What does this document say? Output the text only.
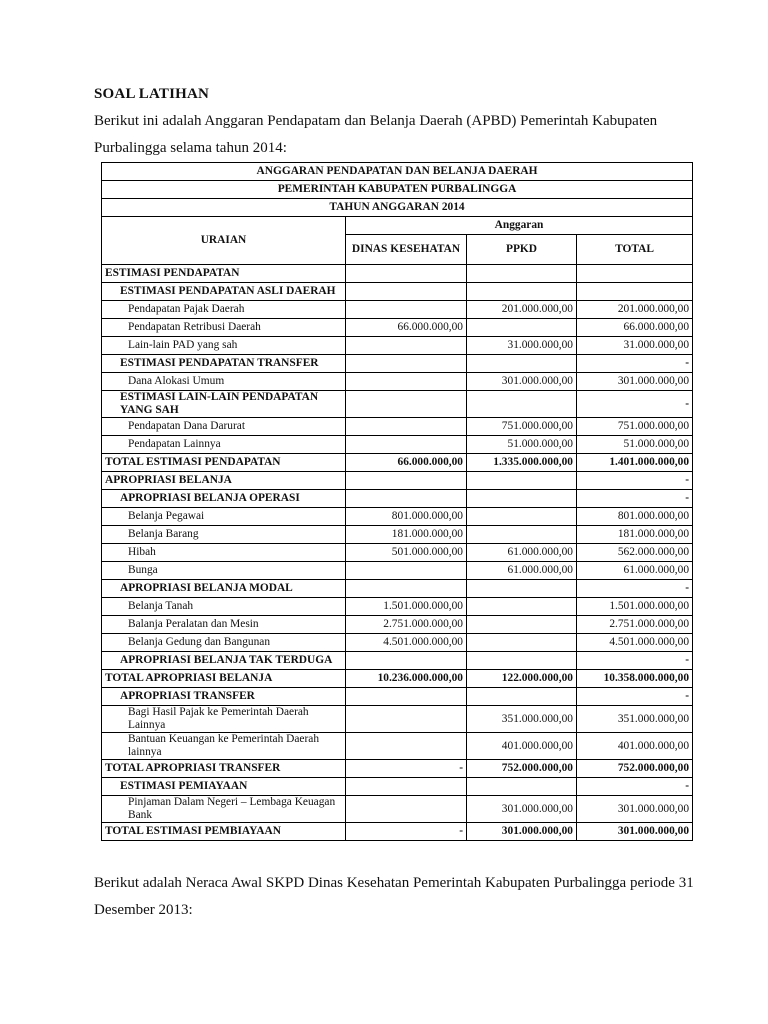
SOAL LATIHAN
Berikut ini adalah Anggaran Pendapatam dan Belanja Daerah (APBD) Pemerintah Kabupaten Purbalingga selama tahun 2014:
ANGGARAN PENDAPATAN DAN BELANJA DAERAH			
PEMERINTAH KABUPATEN PURBALINGGA			
TAHUN ANGGARAN 2014			
URAIAN	Anggaran		
	DINAS KESEHATAN	PPKD	TOTAL
ESTIMASI PENDAPATAN			
ESTIMASI PENDAPATAN ASLI DAERAH			
Pendapatan Pajak Daerah		201.000.000,00	201.000.000,00
Pendapatan Retribusi Daerah	66.000.000,00		66.000.000,00
Lain-lain PAD yang sah		31.000.000,00	31.000.000,00
ESTIMASI PENDAPATAN TRANSFER			-
Dana Alokasi Umum		301.000.000,00	301.000.000,00
ESTIMASI LAIN-LAIN PENDAPATAN YANG SAH			-
Pendapatan Dana Darurat		751.000.000,00	751.000.000,00
Pendapatan Lainnya		51.000.000,00	51.000.000,00
TOTAL ESTIMASI PENDAPATAN	66.000.000,00	1.335.000.000,00	1.401.000.000,00
APROPRIASI BELANJA			-
APROPRIASI BELANJA OPERASI			-
Belanja Pegawai	801.000.000,00		801.000.000,00
Belanja Barang	181.000.000,00		181.000.000,00
Hibah	501.000.000,00	61.000.000,00	562.000.000,00
Bunga		61.000.000,00	61.000.000,00
APROPRIASI BELANJA MODAL			-
Belanja Tanah	1.501.000.000,00		1.501.000.000,00
Balanja Peralatan dan Mesin	2.751.000.000,00		2.751.000.000,00
Belanja Gedung dan Bangunan	4.501.000.000,00		4.501.000.000,00
APROPRIASI BELANJA TAK TERDUGA			-
TOTAL APROPRIASI BELANJA	10.236.000.000,00	122.000.000,00	10.358.000.000,00
APROPRIASI TRANSFER			-
Bagi Hasil Pajak ke Pemerintah Daerah Lainnya		351.000.000,00	351.000.000,00
Bantuan Keuangan ke Pemerintah Daerah lainnya		401.000.000,00	401.000.000,00
TOTAL APROPRIASI TRANSFER	-	752.000.000,00	752.000.000,00
ESTIMASI PEMIAYAAN			-
Pinjaman Dalam Negeri – Lembaga Keuagan Bank		301.000.000,00	301.000.000,00
TOTAL ESTIMASI PEMBIAYAAN	-	301.000.000,00	301.000.000,00
Berikut adalah Neraca Awal SKPD Dinas Kesehatan Pemerintah Kabupaten Purbalingga periode 31 Desember 2013:
